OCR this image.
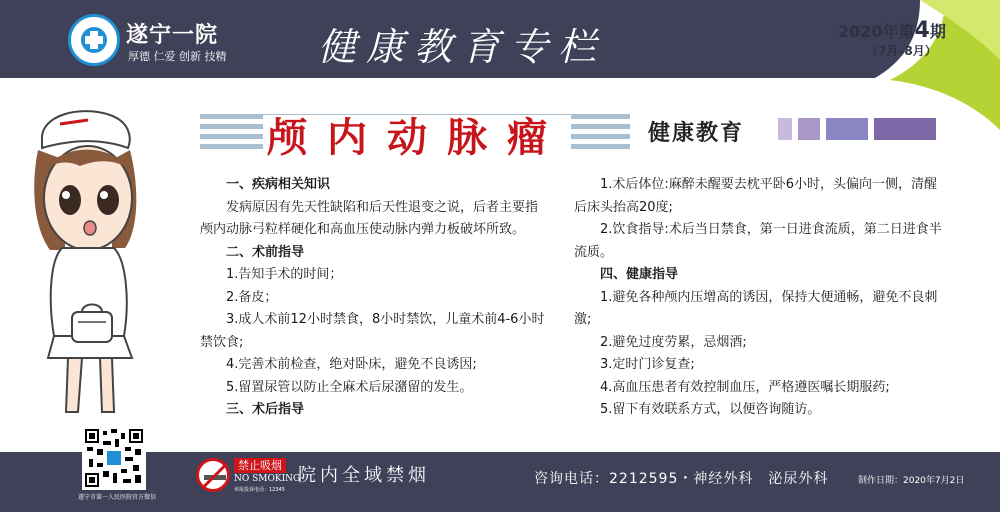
遂宁一院
厚德 仁爱 创新 技精 健康教育专栏	2020年第4期
（7月–8月）
颅内动脉瘤	健康教育

一、疾病相关知识

发病原因有先天性缺陷和后天性退变之说，后者主要指颅内动脉弓粒样硬化和高血压使动脉内弹力板破坏所致。

二、术前指导

1.告知手术的时间；

2.备皮；

3.成人术前12小时禁食，8小时禁饮，儿童术前4-6小时禁饮食;

4.完善术前检查，绝对卧床，避免不良诱因;

5.留置尿管以防止全麻术后尿潴留的发生。

三、术后指导

1.术后体位:麻醉未醒要去枕平卧6小时，头偏向一侧，清醒后床头抬高20度;

2.饮食指导:术后当日禁食，第一日进食流质，第二日进食半流质。

四、健康指导

1.避免各种颅内压增高的诱因，保持大便通畅，避免不良刺激;

2.避免过度劳累，忌烟酒;

3.定时门诊复查;

4.高血压患者有效控制血压，严格遵医嘱长期服药;

5.留下有效联系方式，以便咨询随访。

遂宁市第一人民医院官方微信
禁止吸烟
NO SMOKING
举报投诉电话：12345
院内全域禁烟	咨询电话：2212595・神经外科　泌尿外科	制作日期：2020年7月2日
